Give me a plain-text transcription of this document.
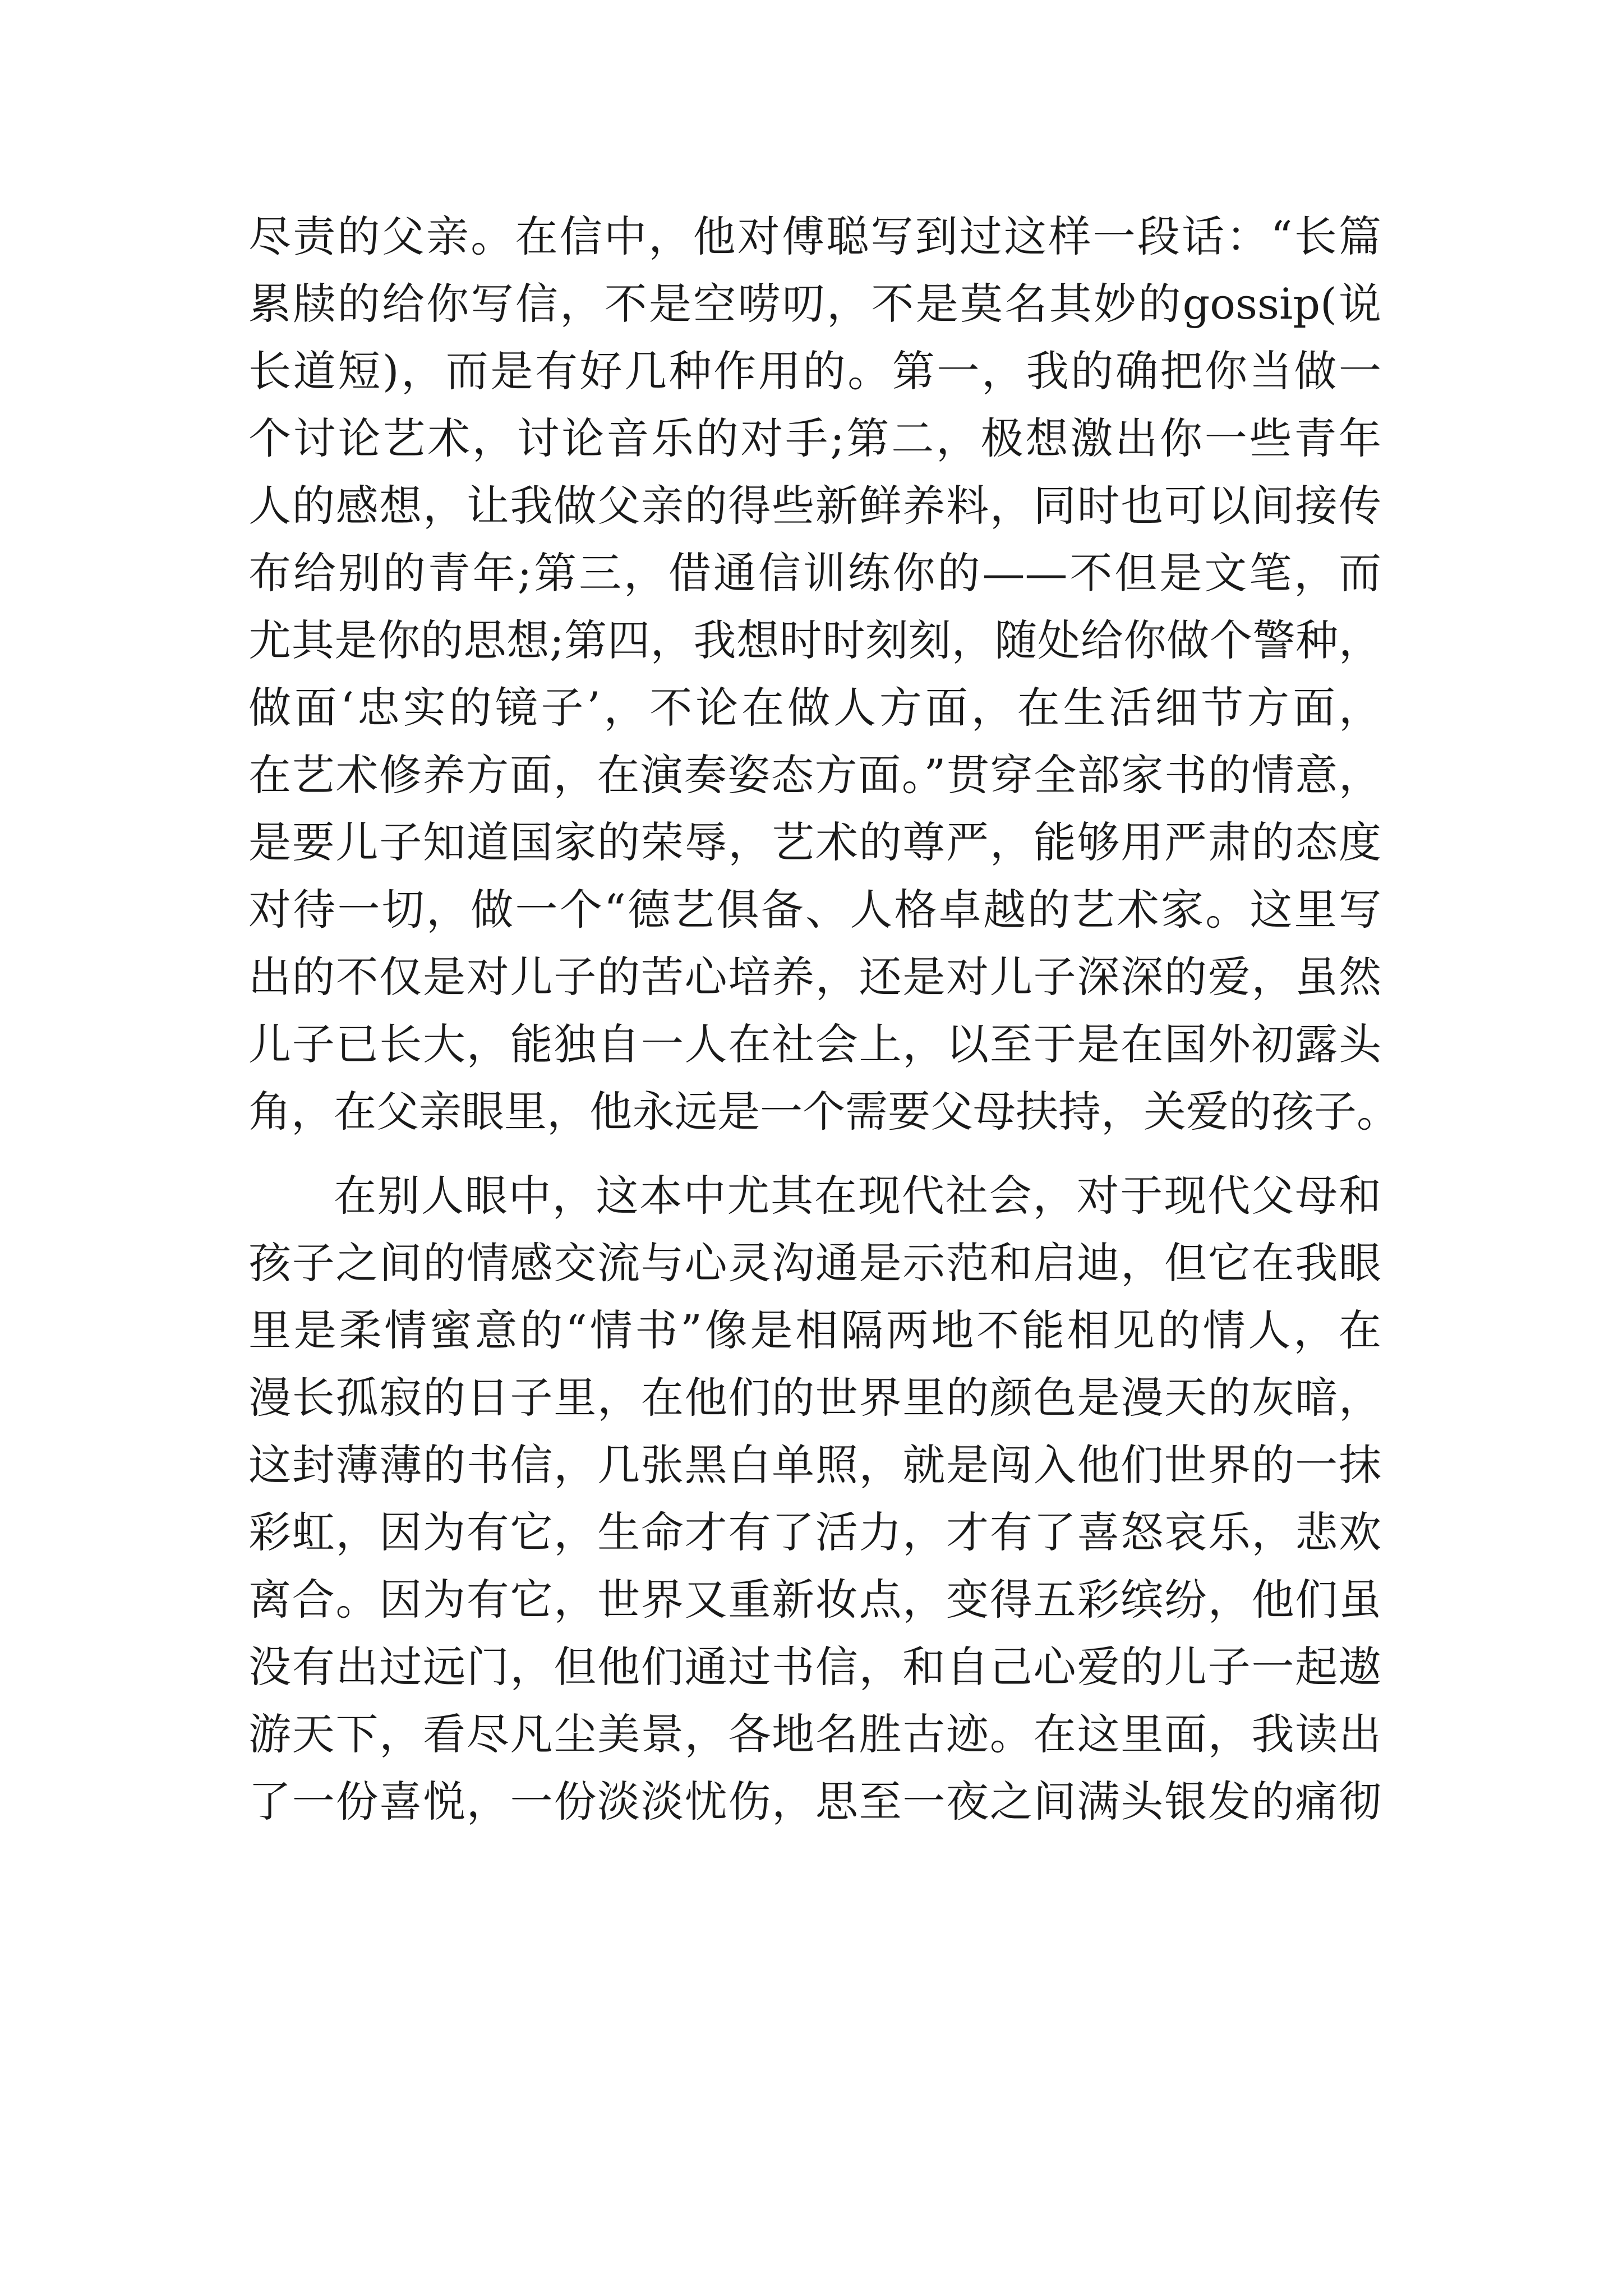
尽责的父亲。在信中，他对傅聪写到过这样一段话：“长篇
累牍的给你写信，不是空唠叨，不是莫名其妙的gossip(说
长道短)，而是有好几种作用的。第一，我的确把你当做一
个讨论艺术，讨论音乐的对手;第二，极想激出你一些青年
人的感想，让我做父亲的得些新鲜养料，同时也可以间接传
布给别的青年;第三，借通信训练你的——不但是文笔，而
尤其是你的思想;第四，我想时时刻刻，随处给你做个警种，
做面‘忠实的镜子’，不论在做人方面，在生活细节方面，
在艺术修养方面，在演奏姿态方面。”贯穿全部家书的情意，
是要儿子知道国家的荣辱，艺术的尊严，能够用严肃的态度
对待一切，做一个“德艺俱备、人格卓越的艺术家。这里写
出的不仅是对儿子的苦心培养，还是对儿子深深的爱，虽然
儿子已长大，能独自一人在社会上，以至于是在国外初露头
角，在父亲眼里，他永远是一个需要父母扶持，关爱的孩子。
在别人眼中，这本中尤其在现代社会，对于现代父母和
孩子之间的情感交流与心灵沟通是示范和启迪，但它在我眼
里是柔情蜜意的“情书”像是相隔两地不能相见的情人，在
漫长孤寂的日子里，在他们的世界里的颜色是漫天的灰暗，
这封薄薄的书信，几张黑白单照，就是闯入他们世界的一抹
彩虹，因为有它，生命才有了活力，才有了喜怒哀乐，悲欢
离合。因为有它，世界又重新妆点，变得五彩缤纷，他们虽
没有出过远门，但他们通过书信，和自己心爱的儿子一起遨
游天下，看尽凡尘美景，各地名胜古迹。在这里面，我读出
了一份喜悦，一份淡淡忧伤，思至一夜之间满头银发的痛彻
